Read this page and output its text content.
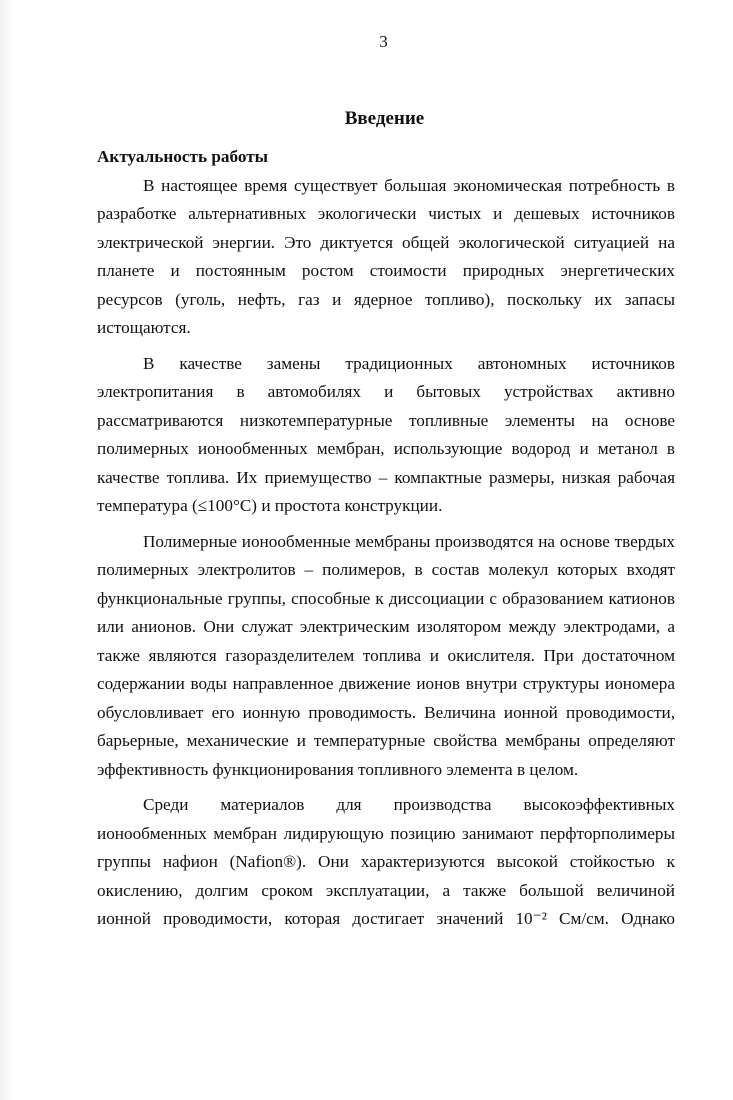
3
Введение

Актуальность работы

В настоящее время существует большая экономическая потребность в
разработке альтернативных экологически чистых и дешевых источников
электрической энергии. Это диктуется общей экологической ситуацией на
планете и постоянным ростом стоимости природных энергетических
ресурсов (уголь, нефть, газ и ядерное топливо), поскольку их запасы
истощаются.

В качестве замены традиционных автономных источников
электропитания в автомобилях и бытовых устройствах активно
рассматриваются низкотемпературные топливные элементы на основе
полимерных ионообменных мембран, использующие водород и метанол в
качестве топлива. Их приемущество – компактные размеры, низкая рабочая
температура (≤100°С) и простота конструкции.

Полимерные ионообменные мембраны производятся на основе твердых
полимерных электролитов – полимеров, в состав молекул которых входят
функциональные группы, способные к диссоциации с образованием катионов
или анионов. Они служат электрическим изолятором между электродами, а
также являются газоразделителем топлива и окислителя. При достаточном
содержании воды направленное движение ионов внутри структуры иономера
обусловливает его ионную проводимость. Величина ионной проводимости,
барьерные, механические и температурные свойства мембраны определяют
эффективность функционирования топливного элемента в целом.

Среди материалов для производства высокоэффективных
ионообменных мембран лидирующую позицию занимают перфторполимеры
группы нафион (Nafion®). Они характеризуются высокой стойкостью к
окислению, долгим сроком эксплуатации, а также большой величиной
ионной проводимости, которая достигает значений 10⁻² См/см. Однако
